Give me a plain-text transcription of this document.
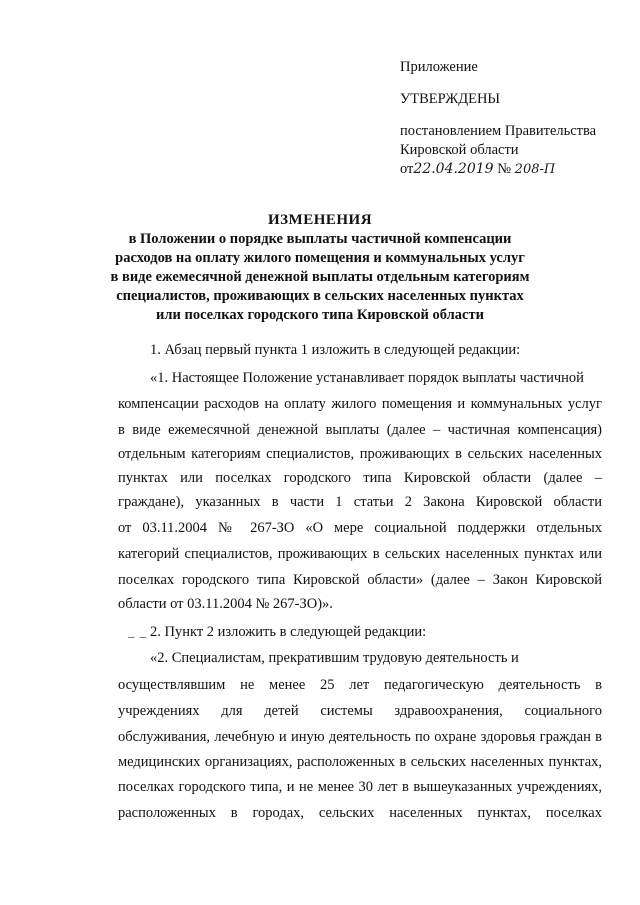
Приложение
УТВЕРЖДЕНЫ
постановлением Правительства
Кировской области
от22.04.2019 № 208-П
ИЗМЕНЕНИЯ
в Положении о порядке выплаты частичной компенсации
расходов на оплату жилого помещения и коммунальных услуг
в виде ежемесячной денежной выплаты отдельным категориям
специалистов, проживающих в сельских населенных пунктах
или поселках городского типа Кировской области
_ _
1. Абзац первый пункта 1 изложить в следующей редакции:
«1. Настоящее Положение устанавливает порядок выплаты частичной
компенсации расходов на оплату жилого помещения и коммунальных услуг
в виде ежемесячной денежной выплаты (далее – частичная компенсация)
отдельным категориям специалистов, проживающих в сельских населенных
пунктах или поселках городского типа Кировской области (далее –
граждане), указанных в части 1 статьи 2 Закона Кировской области
от 03.11.2004 № 267-ЗО «О мере социальной поддержки отдельных
категорий специалистов, проживающих в сельских населенных пунктах или
поселках городского типа Кировской области» (далее – Закон Кировской
области от 03.11.2004 № 267-ЗО)».
2. Пункт 2 изложить в следующей редакции:
«2. Специалистам, прекратившим трудовую деятельность и
осуществлявшим не менее 25 лет педагогическую деятельность в
учреждениях для детей системы здравоохранения, социального
обслуживания, лечебную и иную деятельность по охране здоровья граждан в
медицинских организациях, расположенных в сельских населенных пунктах,
поселках городского типа, и не менее 30 лет в вышеуказанных учреждениях,
расположенных в городах, сельских населенных пунктах, поселках
